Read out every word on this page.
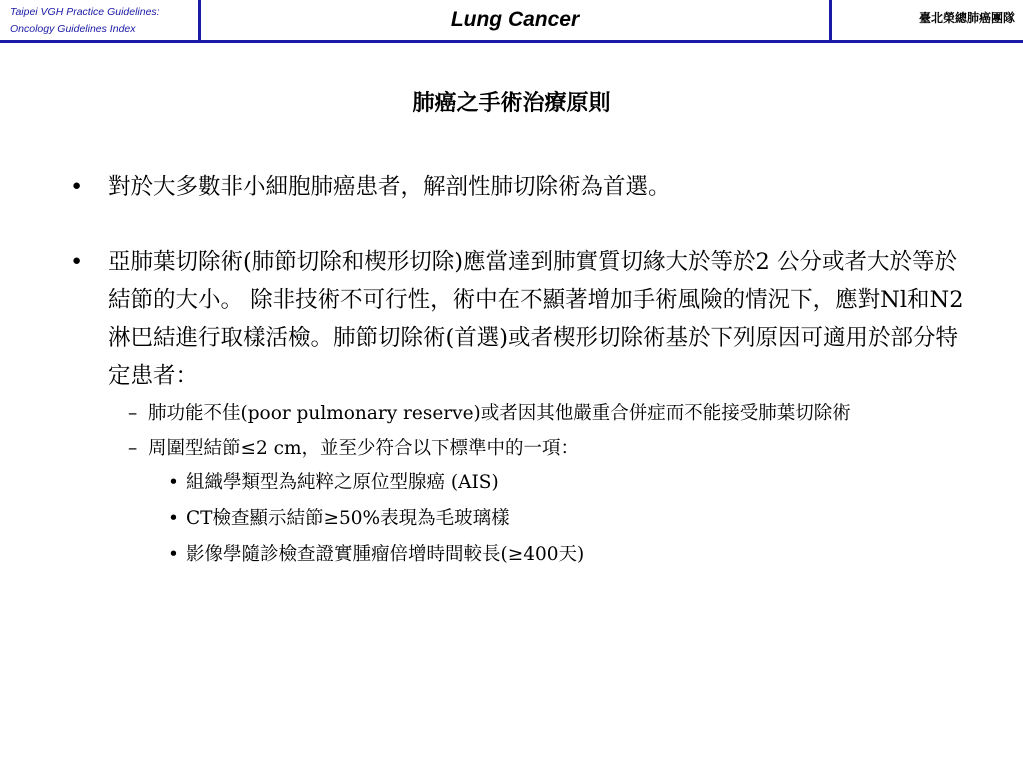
Taipei VGH Practice Guidelines:
Oncology Guidelines Index	Lung Cancer	臺北榮總肺癌團隊
肺癌之手術治療原則
• 對於大多數非小細胞肺癌患者，解剖性肺切除術為首選。
• 亞肺葉切除術(肺節切除和楔形切除)應當達到肺實質切緣大於等於2 公分或者大於等於結節的大小。 除非技術不可行性，術中在不顯著增加手術風險的情況下，應對Nl和N2淋巴結進行取樣活檢。肺節切除術(首選)或者楔形切除術基於下列原因可適用於部分特定患者：
– 肺功能不佳(poor pulmonary reserve)或者因其他嚴重合併症而不能接受肺葉切除術
– 周圍型結節≤2 cm，並至少符合以下標準中的一項：
• 組織學類型為純粹之原位型腺癌 (AIS)
• CT檢查顯示結節≥50%表現為毛玻璃樣
• 影像學隨診檢查證實腫瘤倍增時間較長(≥400天)
